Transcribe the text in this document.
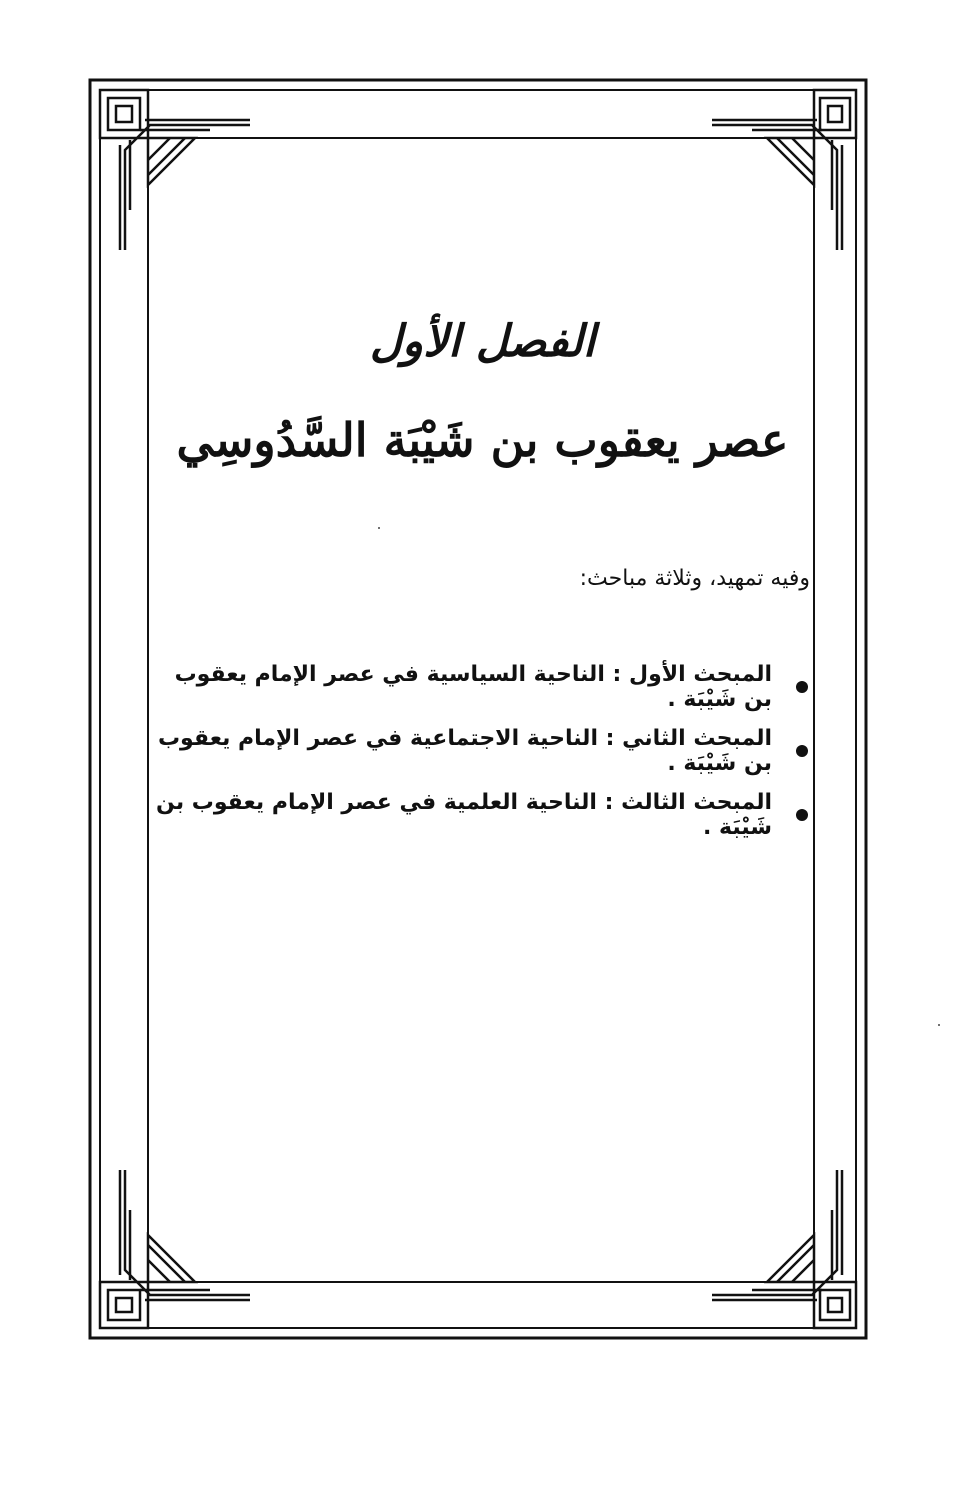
الفصل الأول
عصر يعقوب بن شَيْبَة السَّدُوسِي
وفيه تمهيد، وثلاثة مباحث:
المبحث الأول : الناحية السياسية في عصر الإمام يعقوب بن شَيْبَة .
المبحث الثاني : الناحية الاجتماعية في عصر الإمام يعقوب بن شَيْبَة .
المبحث الثالث : الناحية العلمية في عصر الإمام يعقوب بن شَيْبَة .
